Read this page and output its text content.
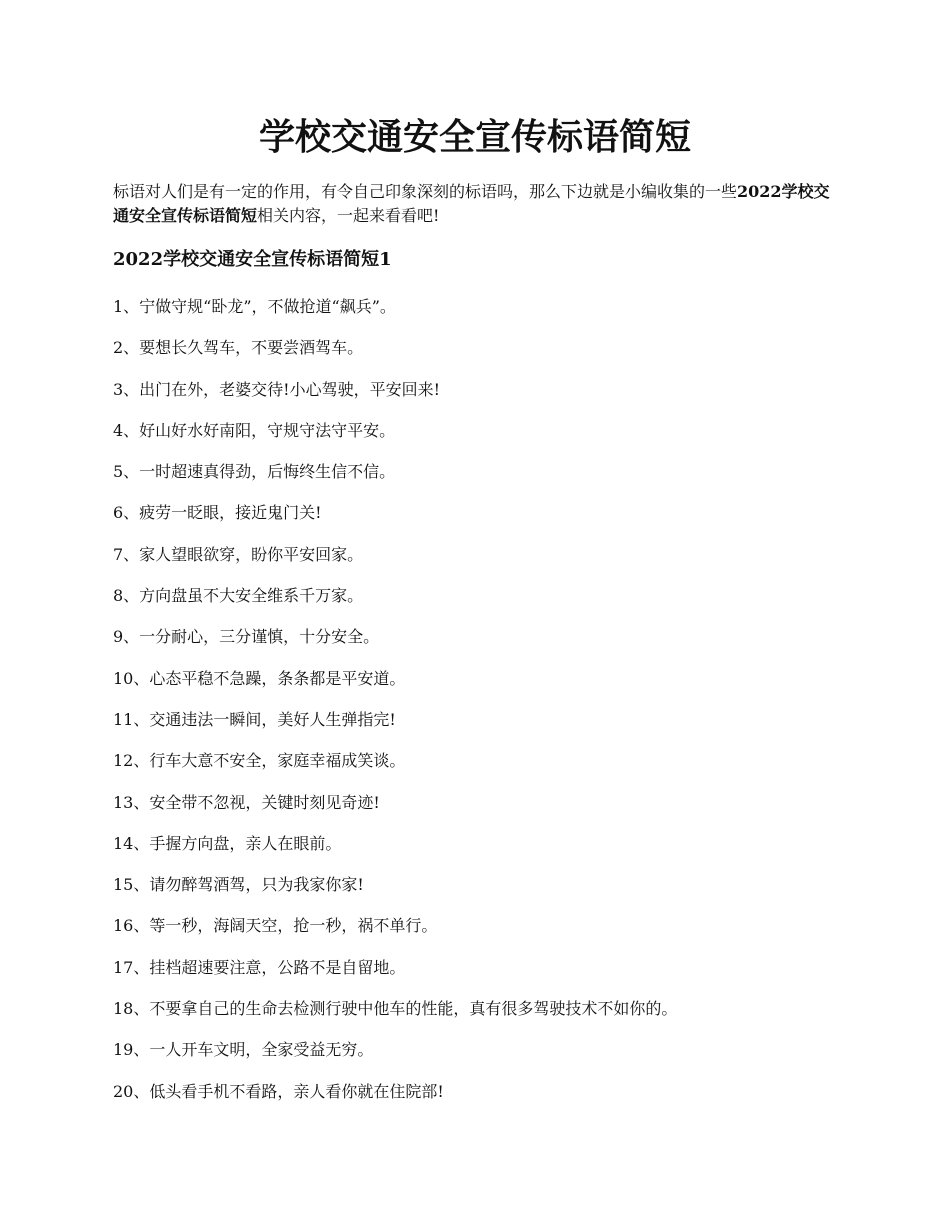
学校交通安全宣传标语简短

标语对人们是有一定的作用，有令自己印象深刻的标语吗，那么下边就是小编收集的一些2022学校交通安全宣传标语简短相关内容，一起来看看吧!

2022学校交通安全宣传标语简短1
1、宁做守规“卧龙”，不做抢道“飙兵”。
2、要想长久驾车，不要尝酒驾车。
3、出门在外，老婆交待!小心驾驶，平安回来!
4、好山好水好南阳，守规守法守平安。
5、一时超速真得劲，后悔终生信不信。
6、疲劳一眨眼，接近鬼门关!
7、家人望眼欲穿，盼你平安回家。
8、方向盘虽不大安全维系千万家。
9、一分耐心，三分谨慎，十分安全。
10、心态平稳不急躁，条条都是平安道。
11、交通违法一瞬间，美好人生弹指完!
12、行车大意不安全，家庭幸福成笑谈。
13、安全带不忽视，关键时刻见奇迹!
14、手握方向盘，亲人在眼前。
15、请勿醉驾酒驾，只为我家你家!
16、等一秒，海阔天空，抢一秒，祸不单行。
17、挂档超速要注意，公路不是自留地。
18、不要拿自己的生命去检测行驶中他车的性能，真有很多驾驶技术不如你的。
19、一人开车文明，全家受益无穷。
20、低头看手机不看路，亲人看你就在住院部!
